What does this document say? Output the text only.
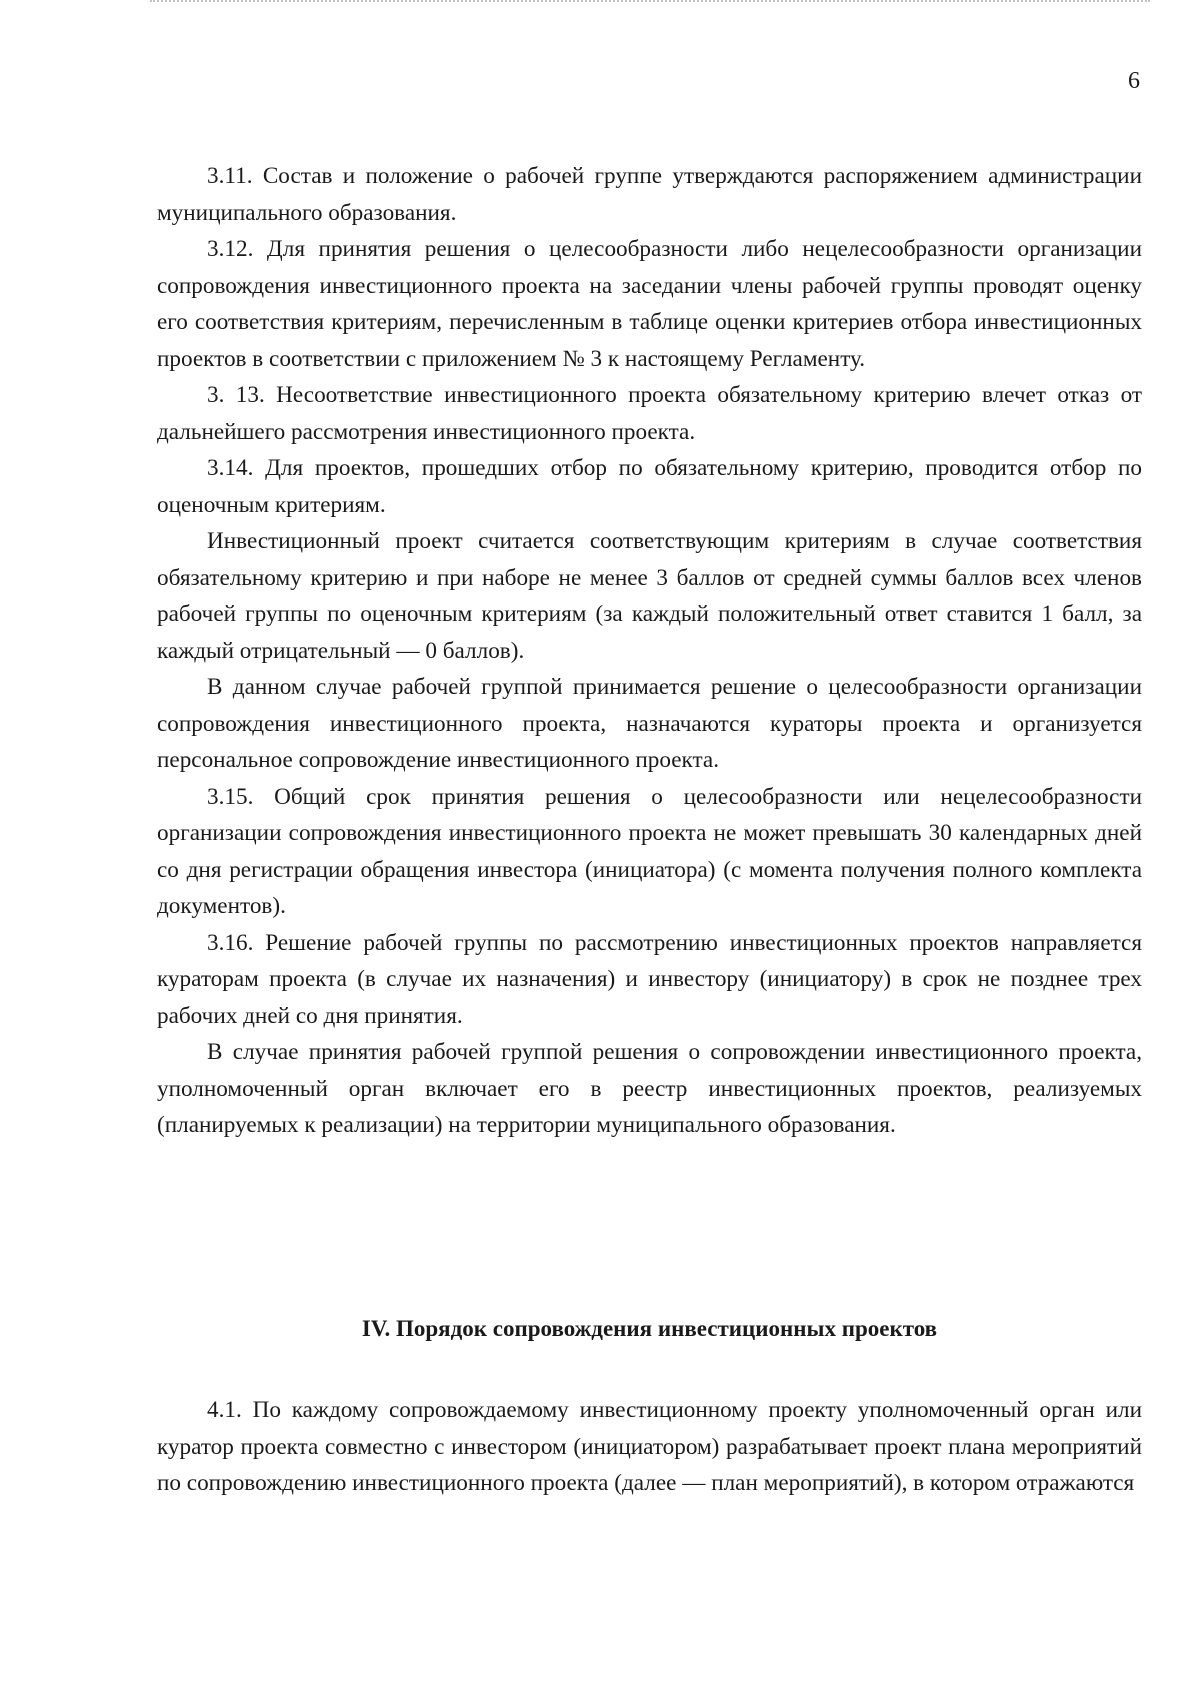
6

3.11. Состав и положение о рабочей группе утверждаются распоряжением администрации муниципального образования.

3.12. Для принятия решения о целесообразности либо нецелесообразности организации сопровождения инвестиционного проекта на заседании члены рабочей группы проводят оценку его соответствия критериям, перечисленным в таблице оценки критериев отбора инвестиционных проектов в соответствии с приложением № 3 к настоящему Регламенту.

3. 13. Несоответствие инвестиционного проекта обязательному критерию влечет отказ от дальнейшего рассмотрения инвестиционного проекта.

3.14. Для проектов, прошедших отбор по обязательному критерию, проводится отбор по оценочным критериям.

Инвестиционный проект считается соответствующим критериям в случае соответствия обязательному критерию и при наборе не менее 3 баллов от средней суммы баллов всех членов рабочей группы по оценочным критериям (за каждый положительный ответ ставится 1 балл, за каждый отрицательный — 0 баллов).

В данном случае рабочей группой принимается решение о целесообразности организации сопровождения инвестиционного проекта, назначаются кураторы проекта и организуется персональное сопровождение инвестиционного проекта.

3.15. Общий срок принятия решения о целесообразности или нецелесообразности организации сопровождения инвестиционного проекта не может превышать 30 календарных дней со дня регистрации обращения инвестора (инициатора) (с момента получения полного комплекта документов).

3.16. Решение рабочей группы по рассмотрению инвестиционных проектов направляется кураторам проекта (в случае их назначения) и инвестору (инициатору) в срок не позднее трех рабочих дней со дня принятия.

В случае принятия рабочей группой решения о сопровождении инвестиционного проекта, уполномоченный орган включает его в реестр инвестиционных проектов, реализуемых (планируемых к реализации) на территории муниципального образования.

IV. Порядок сопровождения инвестиционных проектов

4.1. По каждому сопровождаемому инвестиционному проекту уполномоченный орган или куратор проекта совместно с инвестором (инициатором) разрабатывает проект плана мероприятий по сопровождению инвестиционного проекта (далее — план мероприятий), в котором отражаются
